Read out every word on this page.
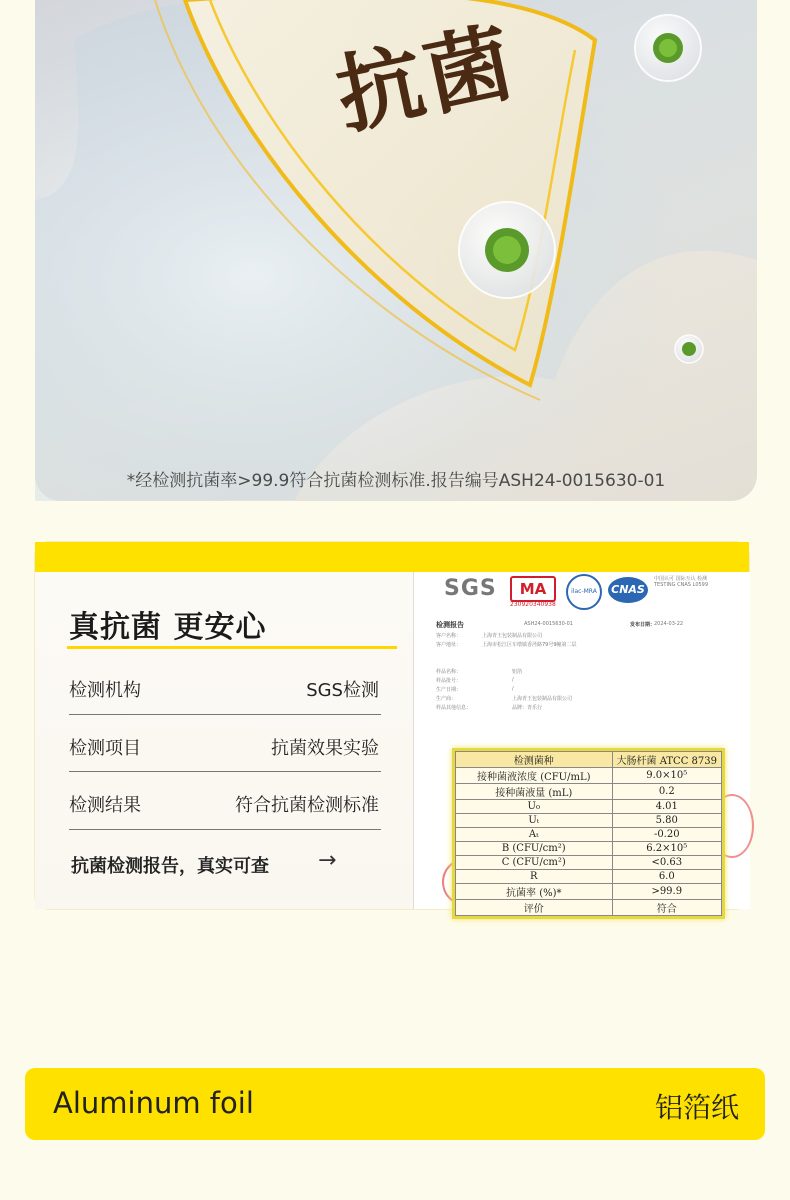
抗菌
*经检测抗菌率>99.9符合抗菌检测标准.报告编号ASH24-0015630-01
真抗菌 更安心
检测机构	SGS检测
检测项目	抗菌效果实验
检测结果	符合抗菌检测标准
抗菌检测报告，真实可查 →
SGS	MA
230920340938
ilac-MRA	CNAS
中国认可 国际互认 检测 TESTING CNAS L0599
检测报告	ASH24-0015630-01	发布日期：
2024-03-22
客户名称：	上海青王包装制品有限公司
客户地址：	上海市松江区车墩镇香泾路79号9幢第二层
样品名称：	铝箔
样品批号：	/
生产日期：	/
生产商：	上海青王包装制品有限公司
样品其他信息：	品牌：青乐行
检测菌种	大肠杆菌 ATCC 8739
接种菌液浓度 (CFU/mL)	9.0×10⁵
接种菌液量 (mL)	0.2
U₀	4.01
Uₜ	5.80
Aₜ	-0.20
B (CFU/cm²)	6.2×10⁵
C (CFU/cm²)	<0.63
R	6.0
抗菌率 (%)*	>99.9
评价	符合
Aluminum foil	铝箔纸
